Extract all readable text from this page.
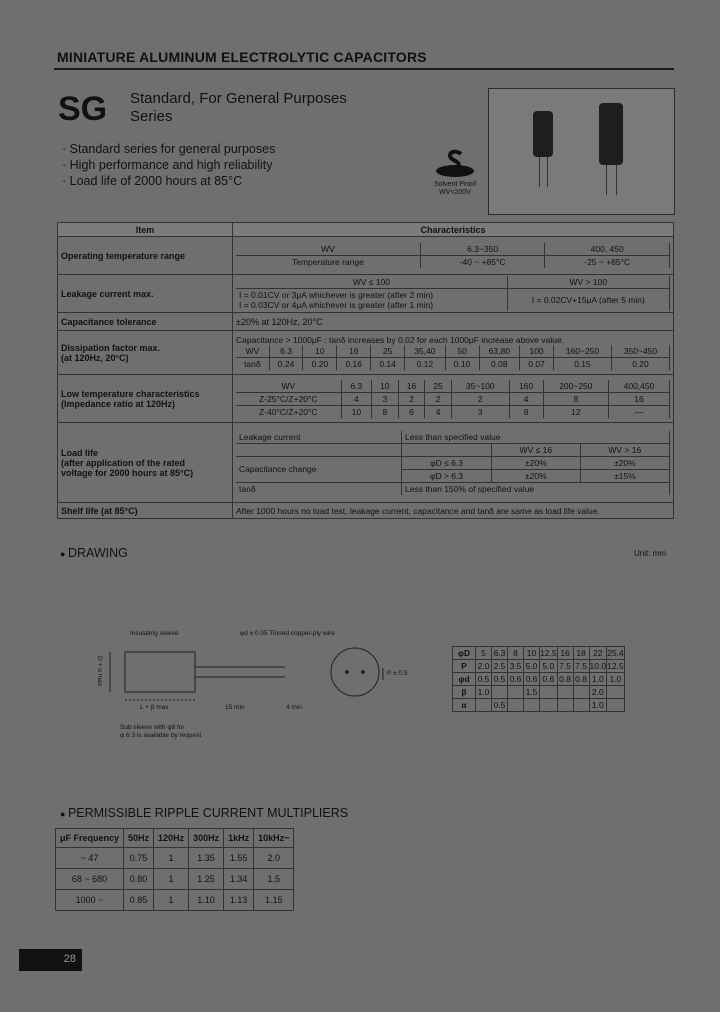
MINIATURE ALUMINUM ELECTROLYTIC CAPACITORS
SG Standard, For General Purposes
Series
· Standard series for general purposes
· High performance and high reliability
· Load life of 2000 hours at 85°C	Solvent Proof
WV<200V
Item	Characteristics
Operating temperature range	
WV	6.3~350	400, 450
Temperature range	-40 ~ +85°C	-25 ~ +85°C

Leakage current max.	
WV ≤ 100	WV > 100

I = 0.01CV or 3μA whichever is greater (after 2 min)
I = 0.03CV or 4μA whichever is greater (after 1 min)	I = 0.02CV+15μA (after 5 min)

Capacitance tolerance	±20% at 120Hz, 20°C

Dissipation factor max.
(at 120Hz, 20°C)

Capacitance > 1000μF : tanδ increases by 0.02 for each 1000μF increase above value.
WV	6.3	10	16	25	35,40	50	63,80	100	160~250	350~450
tanδ	0.24	0.20	0.16	0.14	0.12	0.10	0.08	0.07	0.15	0.20

Low temperature characteristics
(Impedance ratio at 120Hz)

WV	6.3	10	16	25	35~100	160	200~250	400,450
Z-25°C/Z+20°C	4	3	2	2	2	4	8	16
Z-40°C/Z+20°C	10	8	6	4	3	8	12	—

Load life
(after application of the rated
voltage for 2000 hours at 85°C)

Leakage current	Less than specified value
		WV ≤ 16	WV > 16
Capacitance change	φD ≤ 6.3	±20%	±20%
φD > 6.3	±20%	±15%
tanδ	Less than 150% of specified value

Shelf life (at 85°C)	After 1000 hours no load test, leakage current, capacitance and tanδ are same as load life value.
● DRAWING	Unit: mm
Insulating sleeve	φd ± 0.05 Tinned copper-ply wire
D + α max
L + β max	15 min	4 min
P ± 0.5
Sub sleeve with φ8 for
φ 6.3 is available by request
φD	5	6.3	8	10	12.5	16	18	22	25.4
P	2.0	2.5	3.5	5.0	5.0	7.5	7.5	10.0	12.5
φd	0.5	0.5	0.6	0.6	0.6	0.8	0.8	1.0	1.0
β	1.0			1.5				2.0	
α		0.5						1.0	
● PERMISSIBLE RIPPLE CURRENT MULTIPLIERS
μF Frequency	50Hz	120Hz	300Hz	1kHz	10kHz~
~ 47	0.75	1	1.35	1.55	2.0
68 ~ 680	0.80	1	1.25	1.34	1.5
1000 ~	0.85	1	1.10	1.13	1.15
28
